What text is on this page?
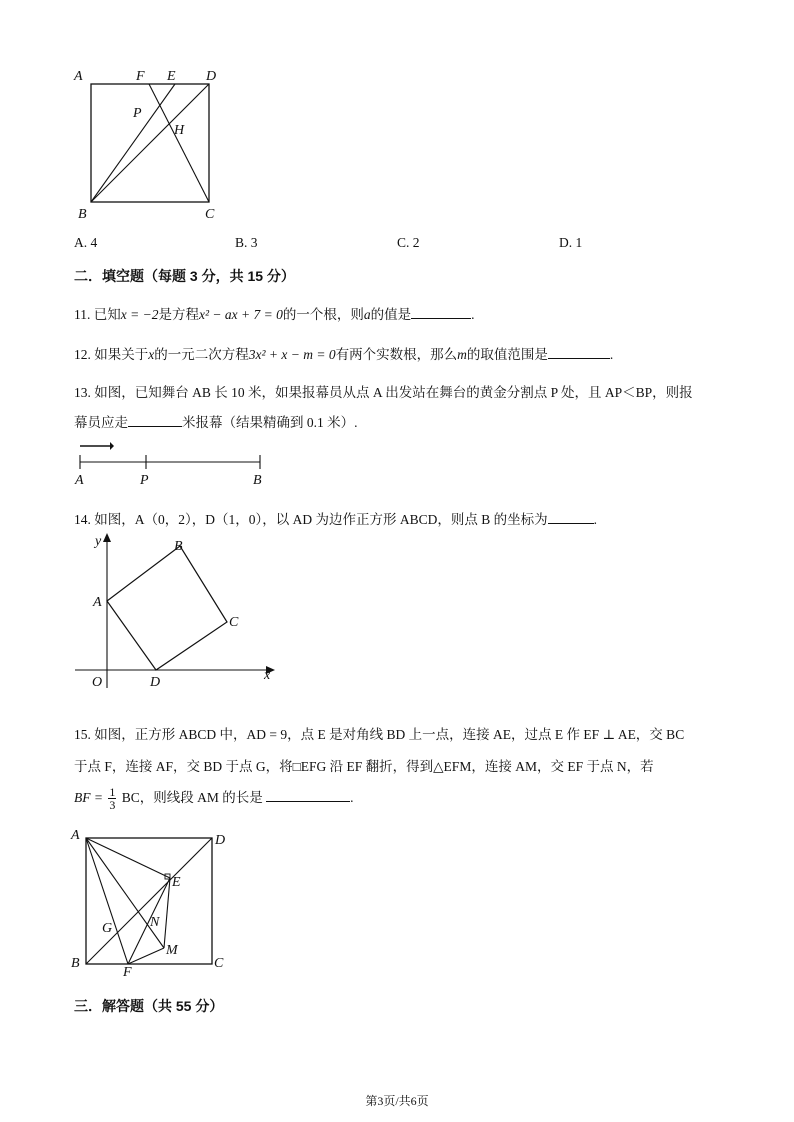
A	F E D
P
H
B	C
A. 4	B. 3	C. 2	D. 1
二．填空题（每题 3 分，共 15 分）
11. 已知x = −2是方程x² − ax + 7 = 0的一个根，则a的值是	.
12. 如果关于x的一元二次方程3x² + x − m = 0有两个实数根，那么m的取值范围是	.
13. 如图，已知舞台 AB 长 10 米，如果报幕员从点 A 出发站在舞台的黄金分割点 P 处，且 AP＜BP，则报
幕员应走	米报幕（结果精确到 0.1 米）.
A	P	B
14. 如图，A（0，2），D（1，0），以 AD 为边作正方形 ABCD，则点 B 的坐标为	.
y	B
A
C
O	D	x
15. 如图，正方形 ABCD 中，AD = 9，点 E 是对角线 BD 上一点，连接 AE，过点 E 作 EF ⊥ AE，交 BC
于点 F，连接 AF，交 BD 于点 G，将□EFG 沿 EF 翻折，得到△EFM，连接 AM，交 EF 于点 N，若
BF = $\frac{1}{3}$ BC，则线段 AM 的长是	.
A	D
E
G	N
M
B
F
C
三．解答题（共 55 分）
第3页/共6页
